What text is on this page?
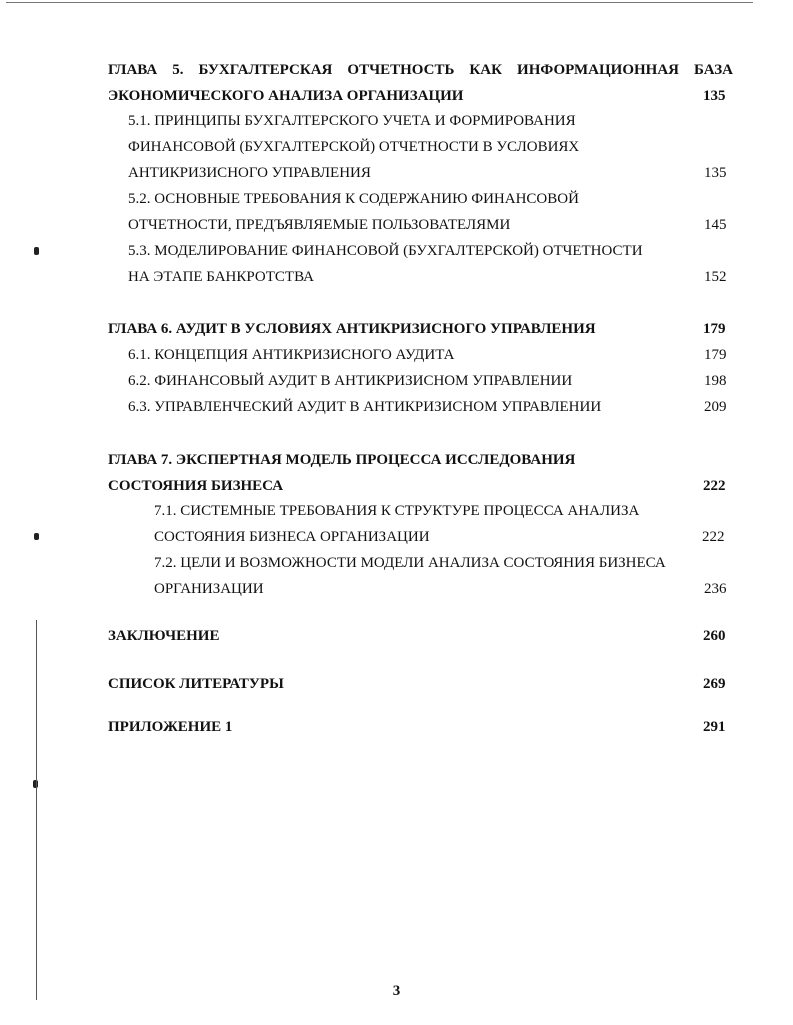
ГЛАВА 5. БУХГАЛТЕРСКАЯ ОТЧЕТНОСТЬ КАК ИНФОРМАЦИОННАЯ БАЗА
ЭКОНОМИЧЕСКОГО АНАЛИЗА ОРГАНИЗАЦИИ	135
5.1. ПРИНЦИПЫ БУХГАЛТЕРСКОГО УЧЕТА И ФОРМИРОВАНИЯ
ФИНАНСОВОЙ (БУХГАЛТЕРСКОЙ) ОТЧЕТНОСТИ В УСЛОВИЯХ
АНТИКРИЗИСНОГО УПРАВЛЕНИЯ	135
5.2. ОСНОВНЫЕ ТРЕБОВАНИЯ К СОДЕРЖАНИЮ ФИНАНСОВОЙ
ОТЧЕТНОСТИ, ПРЕДЪЯВЛЯЕМЫЕ ПОЛЬЗОВАТЕЛЯМИ	145
5.3. МОДЕЛИРОВАНИЕ ФИНАНСОВОЙ (БУХГАЛТЕРСКОЙ) ОТЧЕТНОСТИ
НА ЭТАПЕ БАНКРОТСТВА	152
ГЛАВА 6. АУДИТ В УСЛОВИЯХ АНТИКРИЗИСНОГО УПРАВЛЕНИЯ	179
6.1. КОНЦЕПЦИЯ АНТИКРИЗИСНОГО АУДИТА	179
6.2. ФИНАНСОВЫЙ АУДИТ В АНТИКРИЗИСНОМ УПРАВЛЕНИИ	198
6.3. УПРАВЛЕНЧЕСКИЙ АУДИТ В АНТИКРИЗИСНОМ УПРАВЛЕНИИ	209
ГЛАВА 7. ЭКСПЕРТНАЯ МОДЕЛЬ ПРОЦЕССА ИССЛЕДОВАНИЯ
СОСТОЯНИЯ БИЗНЕСА	222
7.1. СИСТЕМНЫЕ ТРЕБОВАНИЯ К СТРУКТУРЕ ПРОЦЕССА АНАЛИЗА
СОСТОЯНИЯ БИЗНЕСА ОРГАНИЗАЦИИ	222
7.2. ЦЕЛИ И ВОЗМОЖНОСТИ МОДЕЛИ АНАЛИЗА СОСТОЯНИЯ БИЗНЕСА
ОРГАНИЗАЦИИ	236
ЗАКЛЮЧЕНИЕ	260
СПИСОК ЛИТЕРАТУРЫ	269
ПРИЛОЖЕНИЕ 1	291
3
